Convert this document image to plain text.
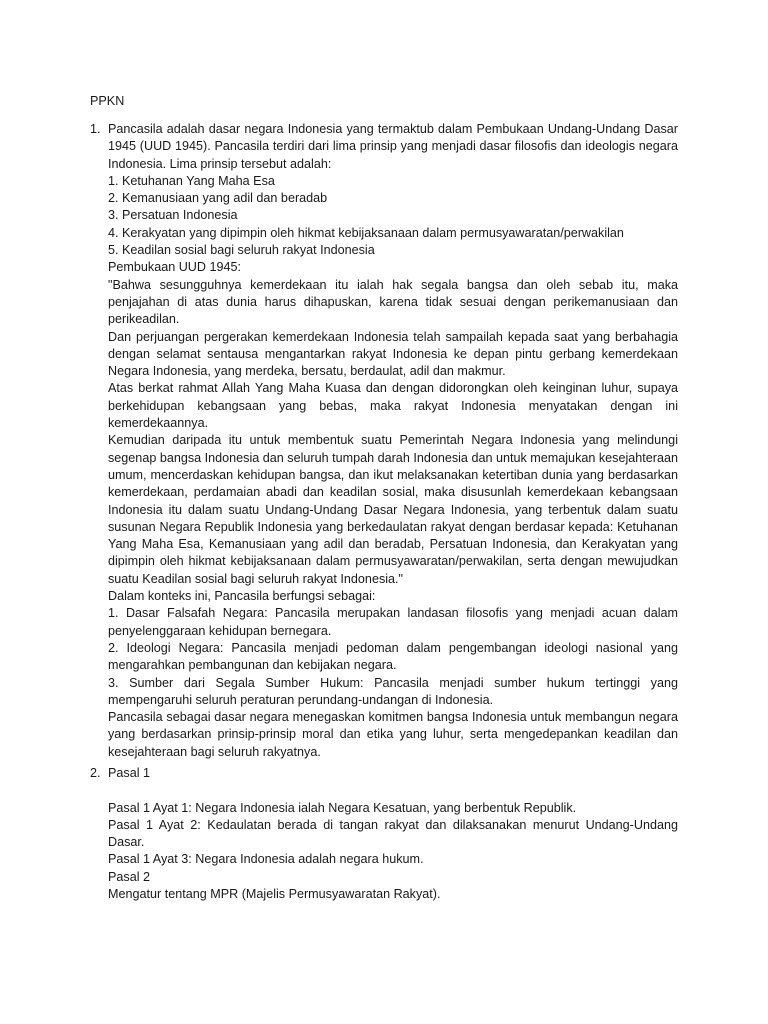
PPKN
1. Pancasila adalah dasar negara Indonesia yang termaktub dalam Pembukaan Undang-Undang Dasar 1945 (UUD 1945). Pancasila terdiri dari lima prinsip yang menjadi dasar filosofis dan ideologis negara Indonesia. Lima prinsip tersebut adalah:

1. Ketuhanan Yang Maha Esa

2. Kemanusiaan yang adil dan beradab

3. Persatuan Indonesia

4. Kerakyatan yang dipimpin oleh hikmat kebijaksanaan dalam permusyawaratan/perwakilan

5. Keadilan sosial bagi seluruh rakyat Indonesia

Pembukaan UUD 1945:

"Bahwa sesungguhnya kemerdekaan itu ialah hak segala bangsa dan oleh sebab itu, maka penjajahan di atas dunia harus dihapuskan, karena tidak sesuai dengan perikemanusiaan dan perikeadilan.

Dan perjuangan pergerakan kemerdekaan Indonesia telah sampailah kepada saat yang berbahagia dengan selamat sentausa mengantarkan rakyat Indonesia ke depan pintu gerbang kemerdekaan Negara Indonesia, yang merdeka, bersatu, berdaulat, adil dan makmur.

Atas berkat rahmat Allah Yang Maha Kuasa dan dengan didorongkan oleh keinginan luhur, supaya berkehidupan kebangsaan yang bebas, maka rakyat Indonesia menyatakan dengan ini kemerdekaannya.

Kemudian daripada itu untuk membentuk suatu Pemerintah Negara Indonesia yang melindungi segenap bangsa Indonesia dan seluruh tumpah darah Indonesia dan untuk memajukan kesejahteraan umum, mencerdaskan kehidupan bangsa, dan ikut melaksanakan ketertiban dunia yang berdasarkan kemerdekaan, perdamaian abadi dan keadilan sosial, maka disusunlah kemerdekaan kebangsaan Indonesia itu dalam suatu Undang-Undang Dasar Negara Indonesia, yang terbentuk dalam suatu susunan Negara Republik Indonesia yang berkedaulatan rakyat dengan berdasar kepada: Ketuhanan Yang Maha Esa, Kemanusiaan yang adil dan beradab, Persatuan Indonesia, dan Kerakyatan yang dipimpin oleh hikmat kebijaksanaan dalam permusyawaratan/perwakilan, serta dengan mewujudkan suatu Keadilan sosial bagi seluruh rakyat Indonesia."

Dalam konteks ini, Pancasila berfungsi sebagai:

1. Dasar Falsafah Negara: Pancasila merupakan landasan filosofis yang menjadi acuan dalam penyelenggaraan kehidupan bernegara.

2. Ideologi Negara: Pancasila menjadi pedoman dalam pengembangan ideologi nasional yang mengarahkan pembangunan dan kebijakan negara.

3. Sumber dari Segala Sumber Hukum: Pancasila menjadi sumber hukum tertinggi yang mempengaruhi seluruh peraturan perundang-undangan di Indonesia.

Pancasila sebagai dasar negara menegaskan komitmen bangsa Indonesia untuk membangun negara yang berdasarkan prinsip-prinsip moral dan etika yang luhur, serta mengedepankan keadilan dan kesejahteraan bagi seluruh rakyatnya.

2. Pasal 1

Pasal 1 Ayat 1: Negara Indonesia ialah Negara Kesatuan, yang berbentuk Republik.

Pasal 1 Ayat 2: Kedaulatan berada di tangan rakyat dan dilaksanakan menurut Undang-Undang Dasar.

Pasal 1 Ayat 3: Negara Indonesia adalah negara hukum.

Pasal 2

Mengatur tentang MPR (Majelis Permusyawaratan Rakyat).
